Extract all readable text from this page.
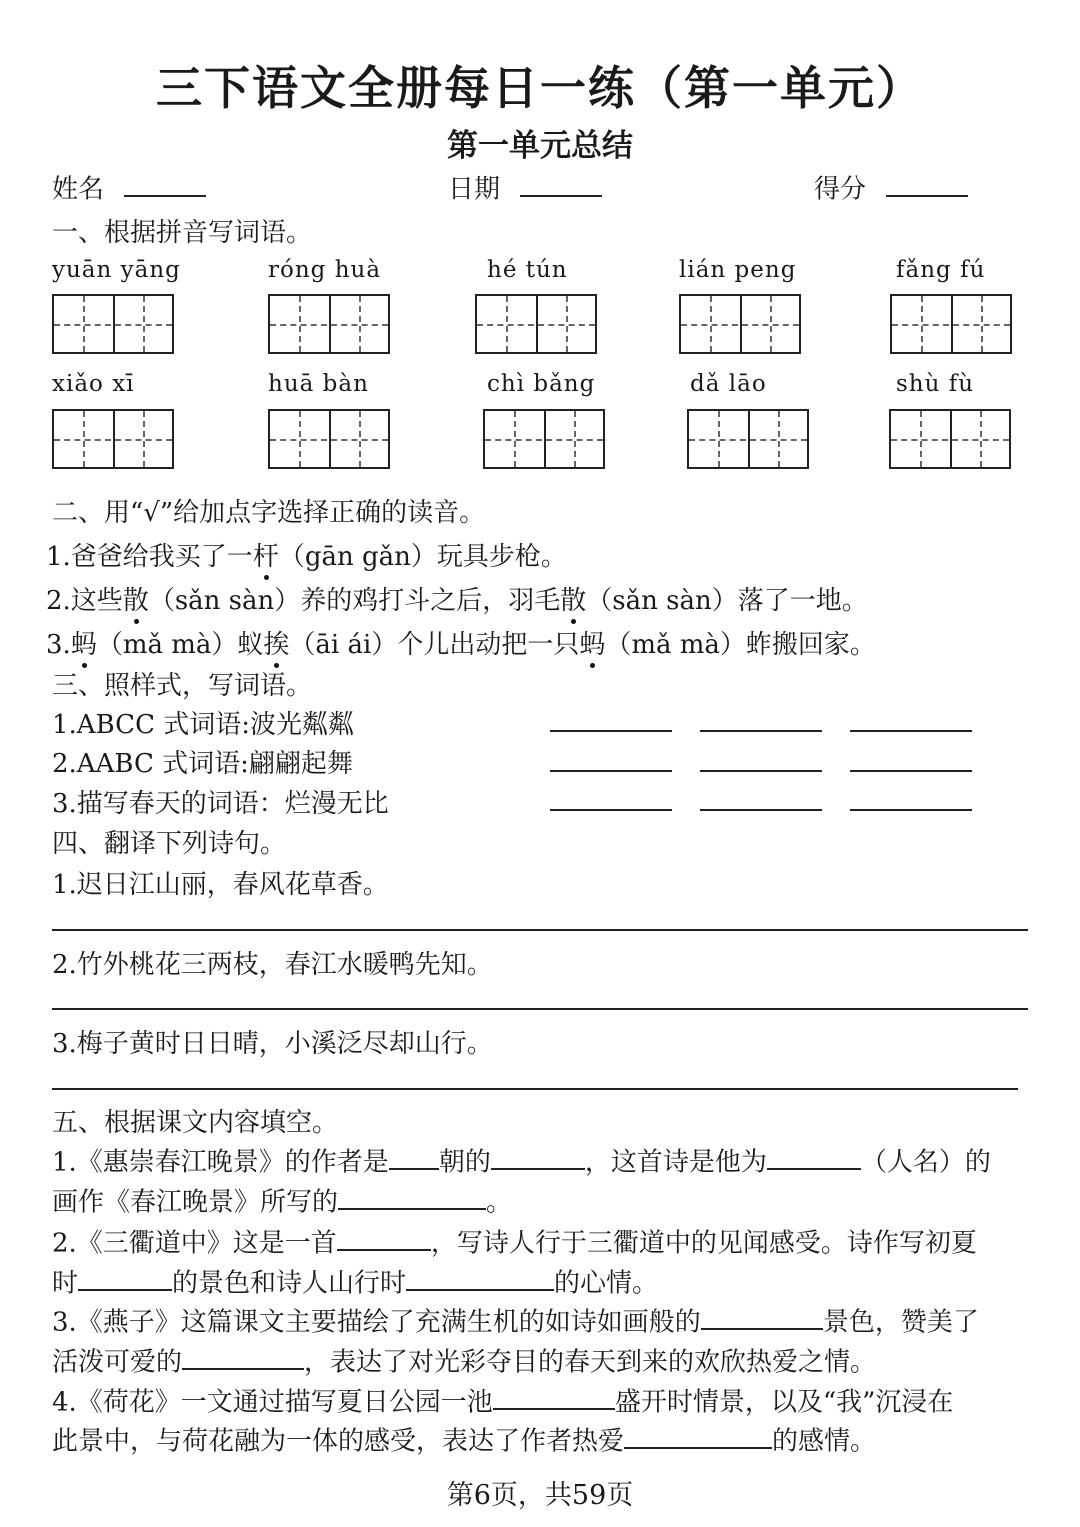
三下语文全册每日一练（第一单元）
第一单元总结
姓名	日期	得分
一、根据拼音写词语。
yuān yāng	róng huà	hé tún	lián peng	fǎng fú
xiǎo xī	huā bàn	chì bǎng	dǎ lāo	shù fù
二、用“√”给加点字选择正确的读音。
1.爸爸给我买了一杆（gān gǎn）玩具步枪。
2.这些散（sǎn sàn）养的鸡打斗之后，羽毛散（sǎn sàn）落了一地。
3.蚂（mǎ mà）蚁挨（āi ái）个儿出动把一只蚂（mǎ mà）蚱搬回家。
三、照样式，写词语。
1.ABCC 式词语:波光粼粼
2.AABC 式词语:翩翩起舞
3.描写春天的词语：烂漫无比
四、翻译下列诗句。
1.迟日江山丽，春风花草香。
2.竹外桃花三两枝，春江水暖鸭先知。
3.梅子黄时日日晴，小溪泛尽却山行。
五、根据课文内容填空。
1.《惠崇春江晚景》的作者是 朝的	，这首诗是他为	（人名）的
画作《春江晚景》所写的	。
2.《三衢道中》这是一首	，写诗人行于三衢道中的见闻感受。诗作写初夏
时	的景色和诗人山行时	的心情。
3.《燕子》这篇课文主要描绘了充满生机的如诗如画般的	景色，赞美了
活泼可爱的	，表达了对光彩夺目的春天到来的欢欣热爱之情。
4.《荷花》一文通过描写夏日公园一池	盛开时情景，以及“我”沉浸在
此景中，与荷花融为一体的感受，表达了作者热爱	的感情。
第6页，共59页
